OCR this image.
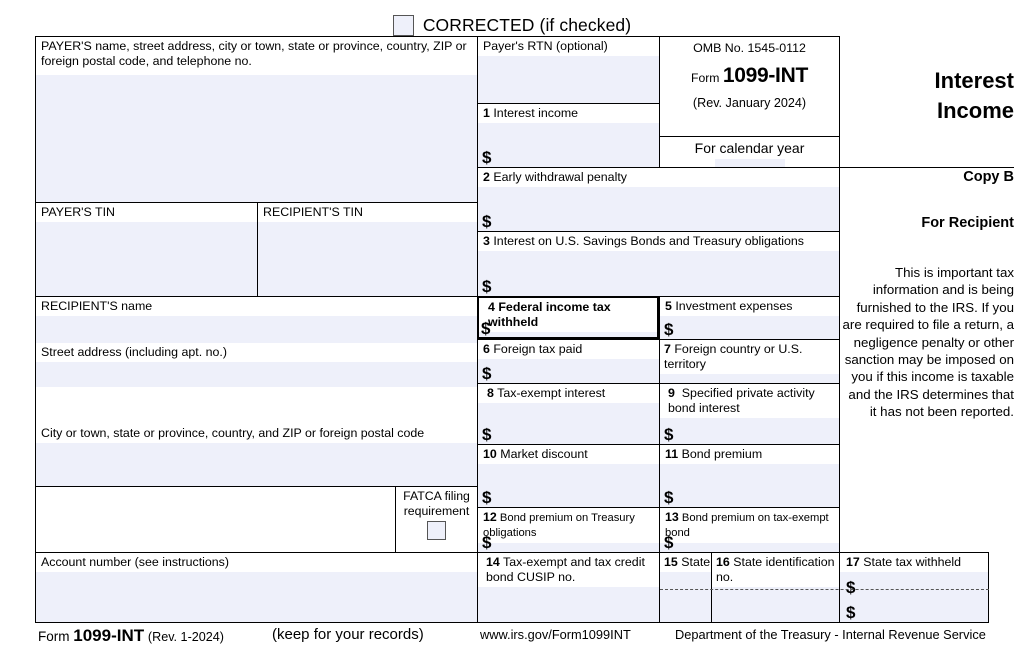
CORRECTED (if checked)
PAYER'S name, street address, city or town, state or province, country, ZIP or foreign postal code, and telephone no.
PAYER'S TIN	RECIPIENT'S TIN
RECIPIENT'S name
Street address (including apt. no.)
City or town, state or province, country, and ZIP or foreign postal code
FATCA filing
requirement
Account number (see instructions)
Payer's RTN (optional)
1 Interest income
$
2 Early withdrawal penalty
$
3 Interest on U.S. Savings Bonds and Treasury obligations
$
4 Federal income tax withheld
$
5 Investment expenses
$
6 Foreign tax paid
$
7 Foreign country or U.S. territory
8 Tax-exempt interest
$
9 Specified private activity bond interest
$
10 Market discount
$
11 Bond premium
$
12 Bond premium on Treasury obligations
$
13 Bond premium on tax-exempt bond
$
14 Tax-exempt and tax credit bond CUSIP no.
15 State 16 State identification no.
17 State tax withheld
$
$
OMB No. 1545-0112
Form 1099-INT
(Rev. January 2024)
For calendar year
Interest
Income
Copy B
For Recipient
This is important tax information and is being furnished to the IRS. If you are required to file a return, a negligence penalty or other sanction may be imposed on you if this income is taxable and the IRS determines that it has not been reported.
Form 1099-INT (Rev. 1-2024)	(keep for your records)	www.irs.gov/Form1099INT	Department of the Treasury - Internal Revenue Service
